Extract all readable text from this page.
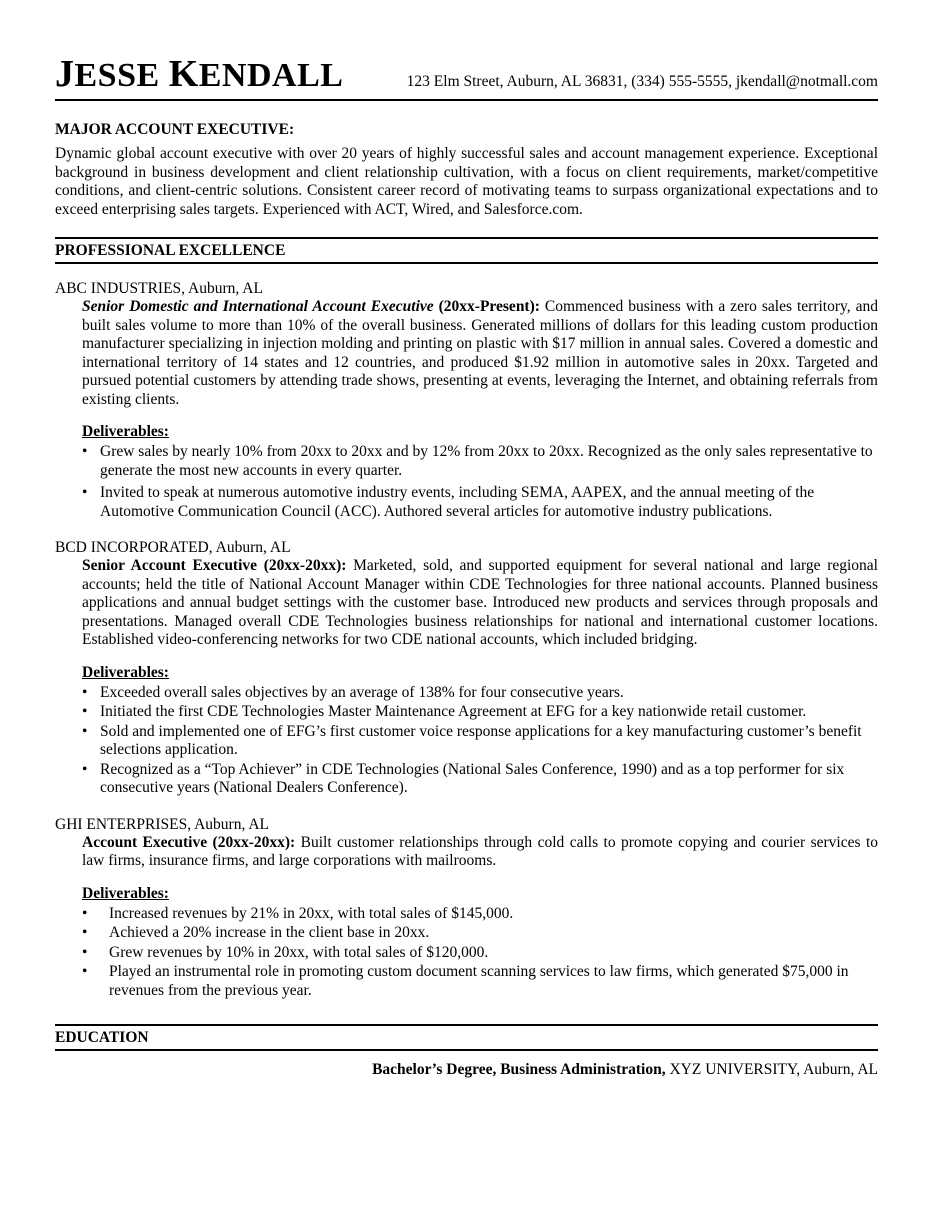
JESSE KENDALL	123 Elm Street, Auburn, AL 36831, (334) 555-5555, jkendall@notmall.com
MAJOR ACCOUNT EXECUTIVE:

Dynamic global account executive with over 20 years of highly successful sales and account management experience. Exceptional background in business development and client relationship cultivation, with a focus on client requirements, market/competitive conditions, and client-centric solutions. Consistent career record of motivating teams to surpass organizational expectations and to exceed enterprising sales targets. Experienced with ACT, Wired, and Salesforce.com.

PROFESSIONAL EXCELLENCE
ABC INDUSTRIES, Auburn, AL

Senior Domestic and International Account Executive (20xx-Present): Commenced business with a zero sales territory, and built sales volume to more than 10% of the overall business. Generated millions of dollars for this leading custom production manufacturer specializing in injection molding and printing on plastic with $17 million in annual sales. Covered a domestic and international territory of 14 states and 12 countries, and produced $1.92 million in automotive sales in 20xx. Targeted and pursued potential customers by attending trade shows, presenting at events, leveraging the Internet, and obtaining referrals from existing clients.

Deliverables:
• Grew sales by nearly 10% from 20xx to 20xx and by 12% from 20xx to 20xx. Recognized as the only sales representative to generate the most new accounts in every quarter.
• Invited to speak at numerous automotive industry events, including SEMA, AAPEX, and the annual meeting of the Automotive Communication Council (ACC). Authored several articles for automotive industry publications.
BCD INCORPORATED, Auburn, AL

Senior Account Executive (20xx-20xx): Marketed, sold, and supported equipment for several national and large regional accounts; held the title of National Account Manager within CDE Technologies for three national accounts. Planned business applications and annual budget settings with the customer base. Introduced new products and services through proposals and presentations. Managed overall CDE Technologies business relationships for national and international customer locations. Established video-conferencing networks for two CDE national accounts, which included bridging.

Deliverables:
• Exceeded overall sales objectives by an average of 138% for four consecutive years.
• Initiated the first CDE Technologies Master Maintenance Agreement at EFG for a key nationwide retail customer.
• Sold and implemented one of EFG’s first customer voice response applications for a key manufacturing customer’s benefit selections application.
• Recognized as a “Top Achiever” in CDE Technologies (National Sales Conference, 1990) and as a top performer for six consecutive years (National Dealers Conference).
GHI ENTERPRISES, Auburn, AL

Account Executive (20xx-20xx): Built customer relationships through cold calls to promote copying and courier services to law firms, insurance firms, and large corporations with mailrooms.

Deliverables:
• Increased revenues by 21% in 20xx, with total sales of $145,000.
• Achieved a 20% increase in the client base in 20xx.
• Grew revenues by 10% in 20xx, with total sales of $120,000.
• Played an instrumental role in promoting custom document scanning services to law firms, which generated $75,000 in revenues from the previous year.
EDUCATION
Bachelor’s Degree, Business Administration, XYZ UNIVERSITY, Auburn, AL
